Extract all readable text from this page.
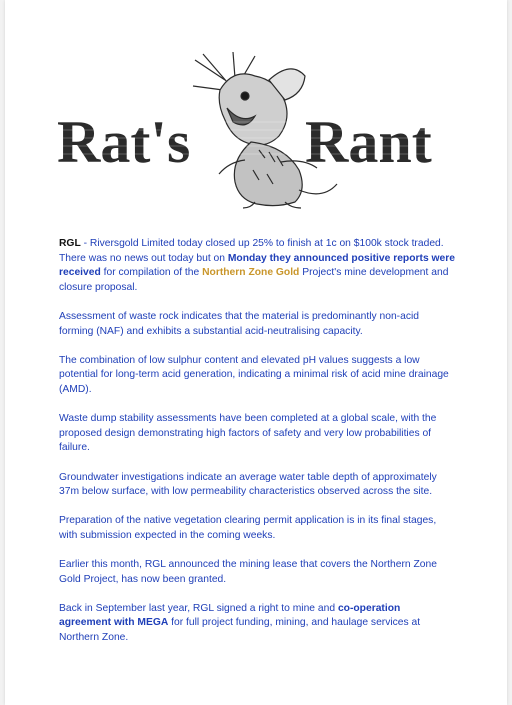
Rat's Rant

RGL - Riversgold Limited today closed up 25% to finish at 1c on $100k stock traded. There was no news out today but on Monday they announced positive reports were received for compilation of the Northern Zone Gold Project's mine development and closure proposal.

Assessment of waste rock indicates that the material is predominantly non-acid forming (NAF) and exhibits a substantial acid-neutralising capacity.

The combination of low sulphur content and elevated pH values suggests a low potential for long-term acid generation, indicating a minimal risk of acid mine drainage (AMD).

Waste dump stability assessments have been completed at a global scale, with the proposed design demonstrating high factors of safety and very low probabilities of failure.

Groundwater investigations indicate an average water table depth of approximately 37m below surface, with low permeability characteristics observed across the site.

Preparation of the native vegetation clearing permit application is in its final stages, with submission expected in the coming weeks.

Earlier this month, RGL announced the mining lease that covers the Northern Zone Gold Project, has now been granted.

Back in September last year, RGL signed a right to mine and co-operation agreement with MEGA for full project funding, mining, and haulage services at Northern Zone.
